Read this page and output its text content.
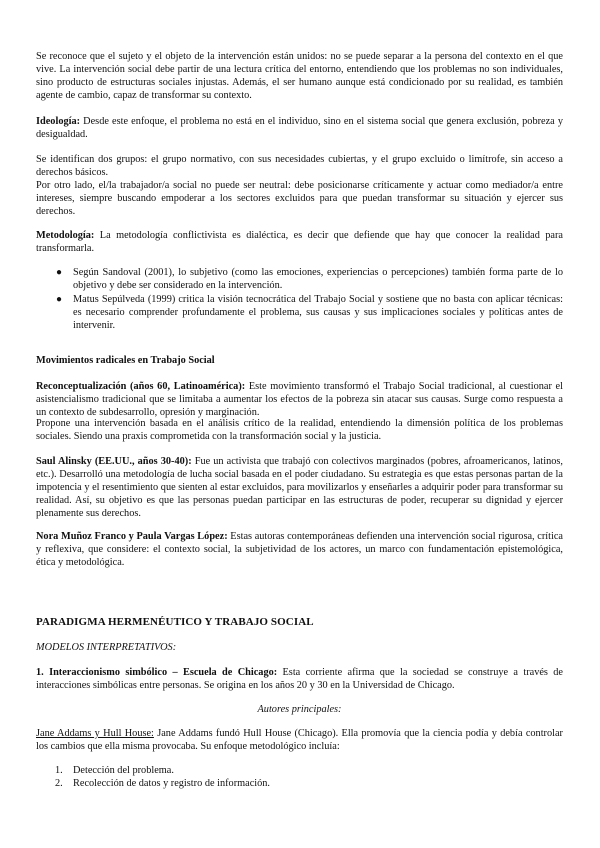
Se reconoce que el sujeto y el objeto de la intervención están unidos: no se puede separar a la persona del contexto en el que vive. La intervención social debe partir de una lectura crítica del entorno, entendiendo que los problemas no son individuales, sino producto de estructuras sociales injustas. Además, el ser humano aunque está condicionado por su realidad, es también agente de cambio, capaz de transformar su contexto.

Ideología: Desde este enfoque, el problema no está en el individuo, sino en el sistema social que genera exclusión, pobreza y desigualdad.

Se identifican dos grupos: el grupo normativo, con sus necesidades cubiertas, y el grupo excluido o limítrofe, sin acceso a derechos básicos.

Por otro lado, el/la trabajador/a social no puede ser neutral: debe posicionarse críticamente y actuar como mediador/a entre intereses, siempre buscando empoderar a los sectores excluidos para que puedan transformar su situación y ejercer sus derechos.

Metodología: La metodología conflictivista es dialéctica, es decir que defiende que hay que conocer la realidad para transformarla.

● Según Sandoval (2001), lo subjetivo (como las emociones, experiencias o percepciones) también forma parte de lo objetivo y debe ser considerado en la intervención.

● Matus Sepúlveda (1999) critica la visión tecnocrática del Trabajo Social y sostiene que no basta con aplicar técnicas: es necesario comprender profundamente el problema, sus causas y sus implicaciones sociales y políticas antes de intervenir.

Movimientos radicales en Trabajo Social

Reconceptualización (años 60, Latinoamérica): Este movimiento transformó el Trabajo Social tradicional, al cuestionar el asistencialismo tradicional que se limitaba a aumentar los efectos de la pobreza sin atacar sus causas. Surge como respuesta a un contexto de subdesarrollo, opresión y marginación.

Propone una intervención basada en el análisis crítico de la realidad, entendiendo la dimensión política de los problemas sociales. Siendo una praxis comprometida con la transformación social y la justicia.

Saul Alinsky (EE.UU., años 30-40): Fue un activista que trabajó con colectivos marginados (pobres, afroamericanos, latinos, etc.). Desarrolló una metodología de lucha social basada en el poder ciudadano. Su estrategia es que estas personas partan de la impotencia y el resentimiento que sienten al estar excluidos, para movilizarlos y enseñarles a adquirir poder para transformar su realidad. Así, su objetivo es que las personas puedan participar en las estructuras de poder, recuperar su dignidad y ejercer plenamente sus derechos.

Nora Muñoz Franco y Paula Vargas López: Estas autoras contemporáneas defienden una intervención social rigurosa, crítica y reflexiva, que considere: el contexto social, la subjetividad de los actores, un marco con fundamentación epistemológica, ética y metodológica.

PARADIGMA HERMENÉUTICO Y TRABAJO SOCIAL

MODELOS INTERPRETATIVOS:

1. Interaccionismo simbólico – Escuela de Chicago: Esta corriente afirma que la sociedad se construye a través de interacciones simbólicas entre personas. Se origina en los años 20 y 30 en la Universidad de Chicago.

Autores principales:

Jane Addams y Hull House: Jane Addams fundó Hull House (Chicago). Ella promovía que la ciencia podía y debía controlar los cambios que ella misma provocaba. Su enfoque metodológico incluía:

1. Detección del problema.
2. Recolección de datos y registro de información.
